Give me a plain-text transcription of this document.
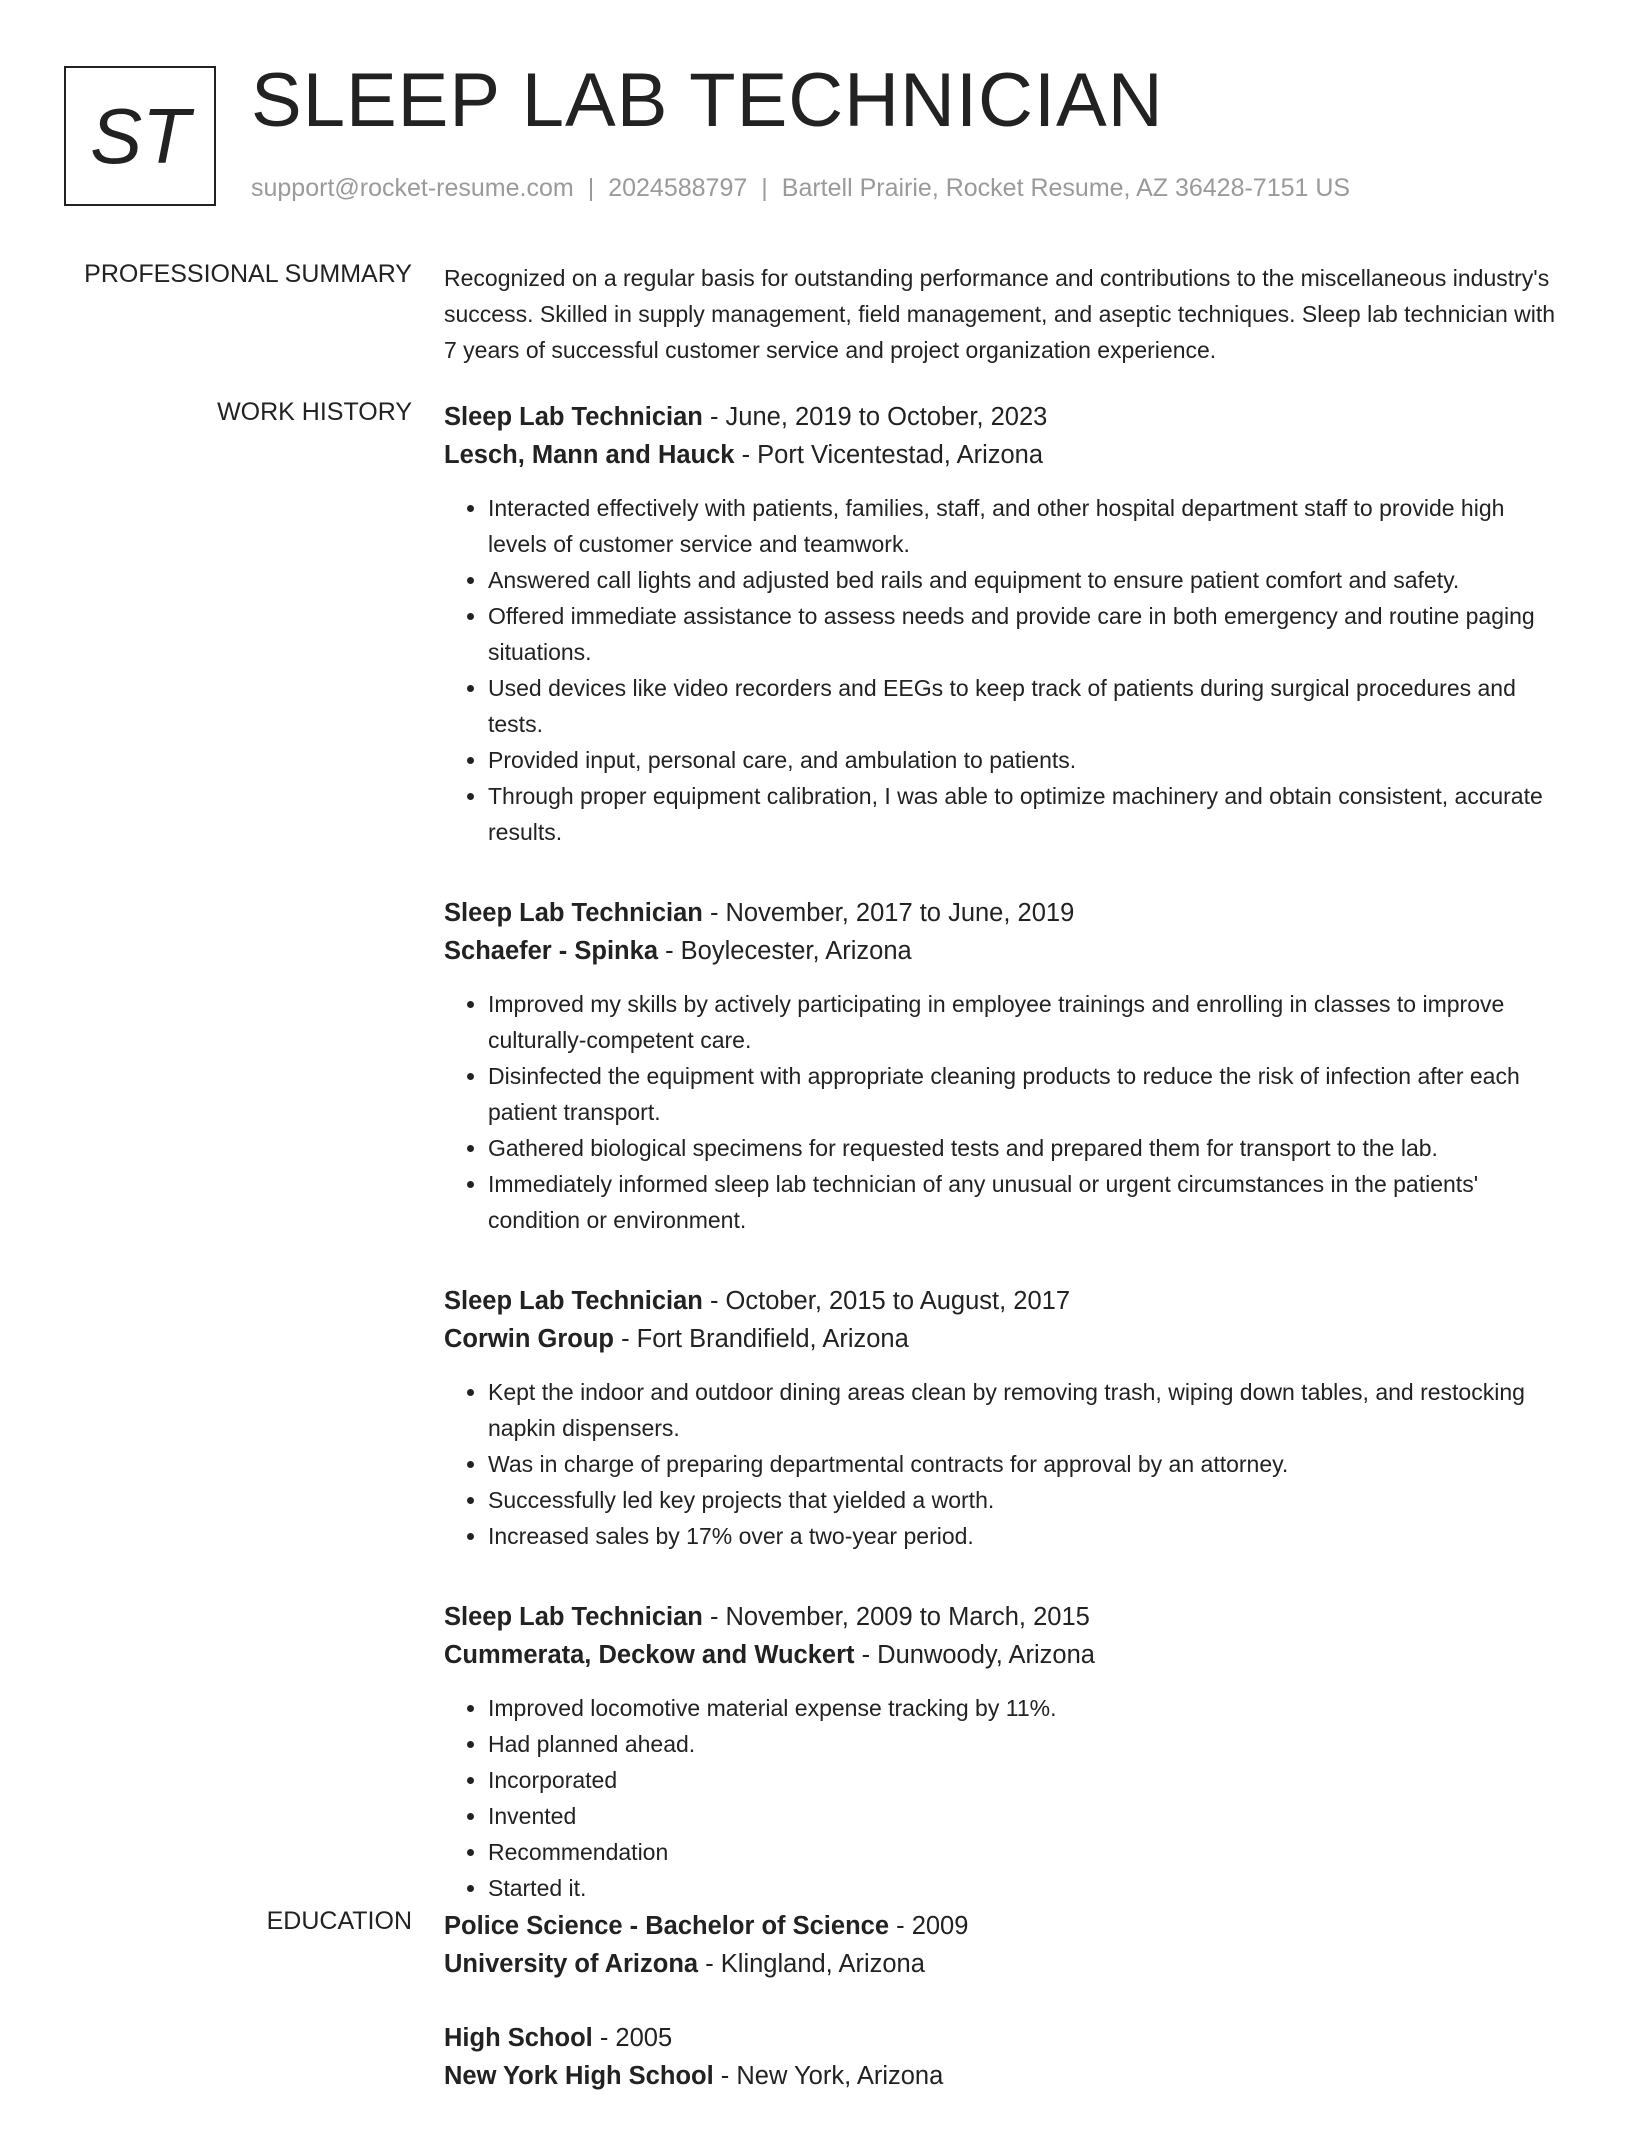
ST SLEEP LAB TECHNICIAN
support@rocket-resume.com | 2024588797 | Bartell Prairie, Rocket Resume, AZ 36428-7151 US
PROFESSIONAL SUMMARY Recognized on a regular basis for outstanding performance and contributions to the miscellaneous industry's success. Skilled in supply management, field management, and aseptic techniques. Sleep lab technician with 7 years of successful customer service and project organization experience.
WORK HISTORY Sleep Lab Technician - June, 2019 to October, 2023
Lesch, Mann and Hauck - Port Vicentestad, Arizona
• Interacted effectively with patients, families, staff, and other hospital department staff to provide high levels of customer service and teamwork.
• Answered call lights and adjusted bed rails and equipment to ensure patient comfort and safety.
• Offered immediate assistance to assess needs and provide care in both emergency and routine paging situations.
• Used devices like video recorders and EEGs to keep track of patients during surgical procedures and tests.
• Provided input, personal care, and ambulation to patients.
• Through proper equipment calibration, I was able to optimize machinery and obtain consistent, accurate results.
Sleep Lab Technician - November, 2017 to June, 2019
Schaefer - Spinka - Boylecester, Arizona
• Improved my skills by actively participating in employee trainings and enrolling in classes to improve culturally-competent care.
• Disinfected the equipment with appropriate cleaning products to reduce the risk of infection after each patient transport.
• Gathered biological specimens for requested tests and prepared them for transport to the lab.
• Immediately informed sleep lab technician of any unusual or urgent circumstances in the patients' condition or environment.
Sleep Lab Technician - October, 2015 to August, 2017
Corwin Group - Fort Brandifield, Arizona
• Kept the indoor and outdoor dining areas clean by removing trash, wiping down tables, and restocking napkin dispensers.
• Was in charge of preparing departmental contracts for approval by an attorney.
• Successfully led key projects that yielded a worth.
• Increased sales by 17% over a two-year period.
Sleep Lab Technician - November, 2009 to March, 2015
Cummerata, Deckow and Wuckert - Dunwoody, Arizona
• Improved locomotive material expense tracking by 11%.
• Had planned ahead.
• Incorporated
• Invented
• Recommendation
• Started it.
EDUCATION Police Science - Bachelor of Science - 2009
University of Arizona - Klingland, Arizona
High School - 2005
New York High School - New York, Arizona
